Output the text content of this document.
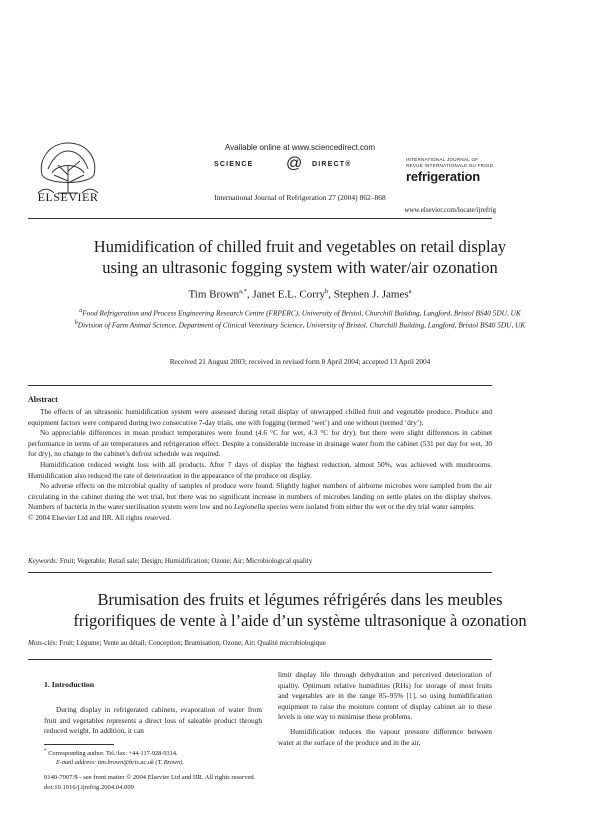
ELSEVIER
Available online at www.sciencedirect.com
SCIENCE @ DIRECT®
International Journal of Refrigeration 27 (2004) 862–868
INTERNATIONAL JOURNAL OF
REVUE INTERNATIONALE DU FROID
refrigeration
www.elsevier.com/locate/ijrefrig
Humidification of chilled fruit and vegetables on retail display
using an ultrasonic fogging system with water/air ozonation
Tim Brown$^{a,*}$, Janet E.L. Corry$^b$, Stephen J. James$^a$
$^a$Food Refrigeration and Process Engineering Research Centre (FRPERC), University of Bristol, Churchill Building, Langford, Bristol BS40 5DU, UK
$^b$Division of Farm Animal Science, Department of Clinical Veterinary Science, University of Bristol, Churchill Building, Langford, Bristol BS40 5DU, UK
Received 21 August 2003; received in revised form 8 April 2004; accepted 13 April 2004
Abstract

The effects of an ultrasonic humidification system were assessed during retail display of unwrapped chilled fruit and vegetable produce. Produce and equipment factors were compared during two consecutive 7-day trials, one with fogging (termed ‘wet’) and one without (termed ‘dry’).

No appreciable differences in mean product temperatures were found (4.6 °C for wet, 4.3 °C for dry), but there were slight differences in cabinet performance in terms of air temperatures and refrigeration effect. Despite a considerable increase in drainage water from the cabinet (531 per day for wet, 30 for dry), no change to the cabinet’s defrost schedule was required.

Humidification reduced weight loss with all products. After 7 days of display the highest reduction, almost 50%, was achieved with mushrooms. Humidification also reduced the rate of deterioration in the appearance of the produce on display.

No adverse effects on the microbial quality of samples of produce were found. Slightly higher numbers of airborne microbes were sampled from the air circulating in the cabinet during the wet trial, but there was no significant increase in numbers of microbes landing on settle plates on the display shelves. Numbers of bacteria in the water sterilisation system were low and no Legionella species were isolated from either the wet or the dry trial water samples.

© 2004 Elsevier Ltd and IIR. All rights reserved.

Keywords: Fruit; Vegetable; Retail sale; Design; Humidification; Ozone; Air; Microbiological quality
Brumisation des fruits et légumes réfrigérés dans les meubles
frigorifiques de vente à l’aide d’un système ultrasonique à ozonation
Mots-clés: Fruit; Légume; Vente au détail; Conception; Brumisation; Ozone; Air; Qualité microbiologique
1. Introduction
During display in refrigerated cabinets, evaporation of water from fruit and vegetables represents a direct loss of saleable product through reduced weight. In addition, it can

limit display life through dehydration and perceived deterioration of quality. Optimum relative humidities (RHs) for storage of most fruits and vegetables are in the range 85–95% [1], so using humidification equipment to raise the moisture content of display cabinet air to these levels is one way to minimise these problems.

Humidification reduces the vapour pressure difference between water at the surface of the produce and in the air,

* Corresponding author. Tel./fax: +44-117-928-9314.
E-mail address: tim.brown@bris.ac.uk (T. Brown).
0140-7007/$ - see front matter © 2004 Elsevier Ltd and IIR. All rights reserved.
doi:10.1016/j.ijrefrig.2004.04.009
